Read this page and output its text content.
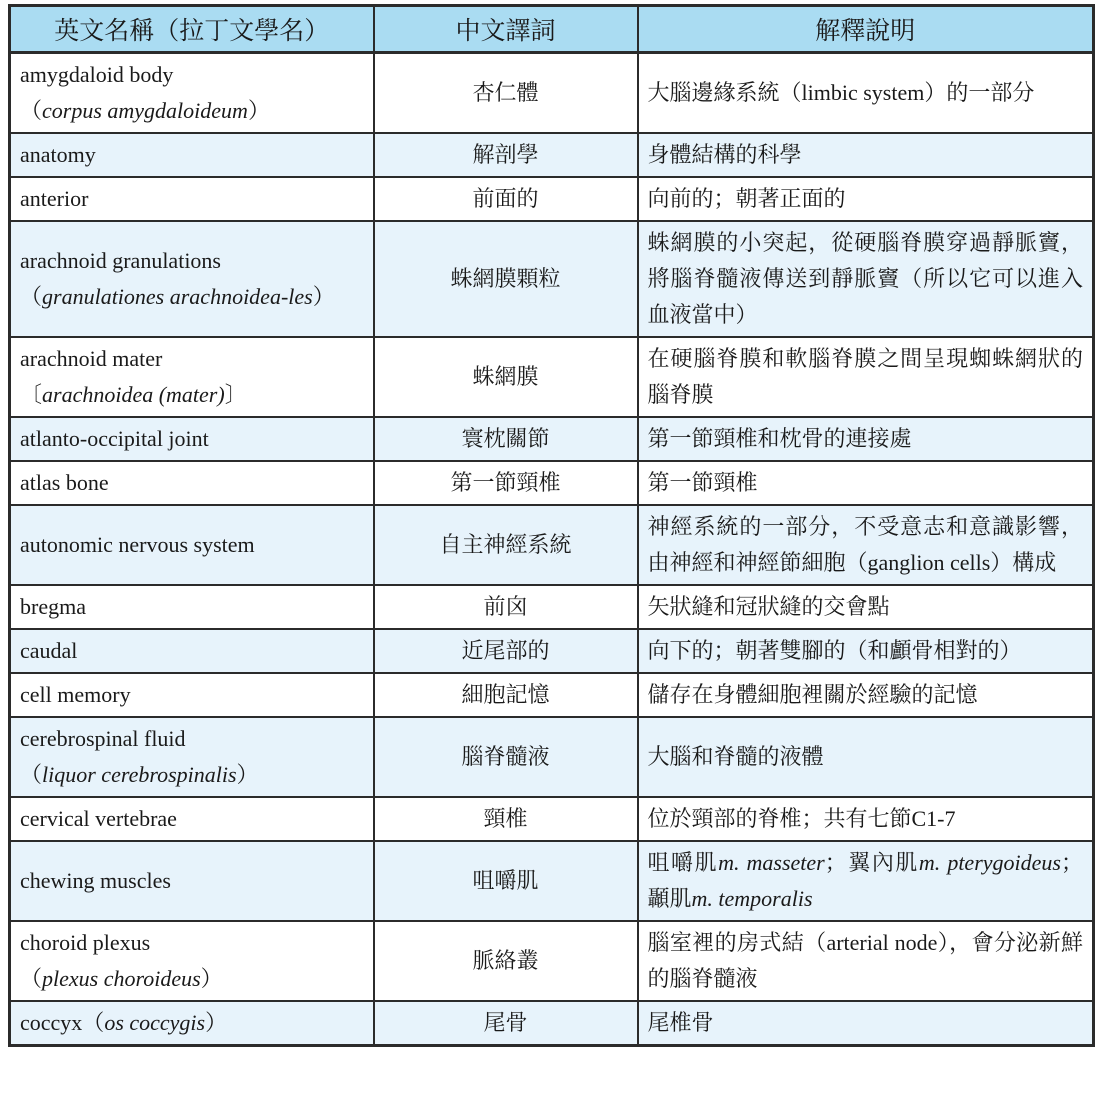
英文名稱（拉丁文學名）	中文譯詞	解釋說明
amygdaloid body
（corpus amygdaloideum）	杏仁體	大腦邊緣系統（limbic system）的一部分
anatomy	解剖學	身體結構的科學
anterior	前面的	向前的；朝著正面的
arachnoid granulations
（granulationes arachnoidea-les）	蛛網膜顆粒	蛛網膜的小突起，從硬腦脊膜穿過靜脈竇，將腦脊髓液傳送到靜脈竇（所以它可以進入血液當中）
arachnoid mater
〔arachnoidea (mater)〕	蛛網膜	在硬腦脊膜和軟腦脊膜之間呈現蜘蛛網狀的腦脊膜
atlanto-occipital joint	寰枕關節	第一節頸椎和枕骨的連接處
atlas bone	第一節頸椎	第一節頸椎
autonomic nervous system	自主神經系統	神經系統的一部分，不受意志和意識影響，由神經和神經節細胞（ganglion cells）構成
bregma	前囟	矢狀縫和冠狀縫的交會點
caudal	近尾部的	向下的；朝著雙腳的（和顱骨相對的）
cell memory	細胞記憶	儲存在身體細胞裡關於經驗的記憶
cerebrospinal fluid
（liquor cerebrospinalis）	腦脊髓液	大腦和脊髓的液體
cervical vertebrae	頸椎	位於頸部的脊椎；共有七節C1-7
chewing muscles	咀嚼肌	咀嚼肌m. masseter；翼內肌m. pterygoideus；顳肌m. temporalis
choroid plexus
（plexus choroideus）	脈絡叢	腦室裡的房式結（arterial node），會分泌新鮮的腦脊髓液
coccyx（os coccygis）	尾骨	尾椎骨
